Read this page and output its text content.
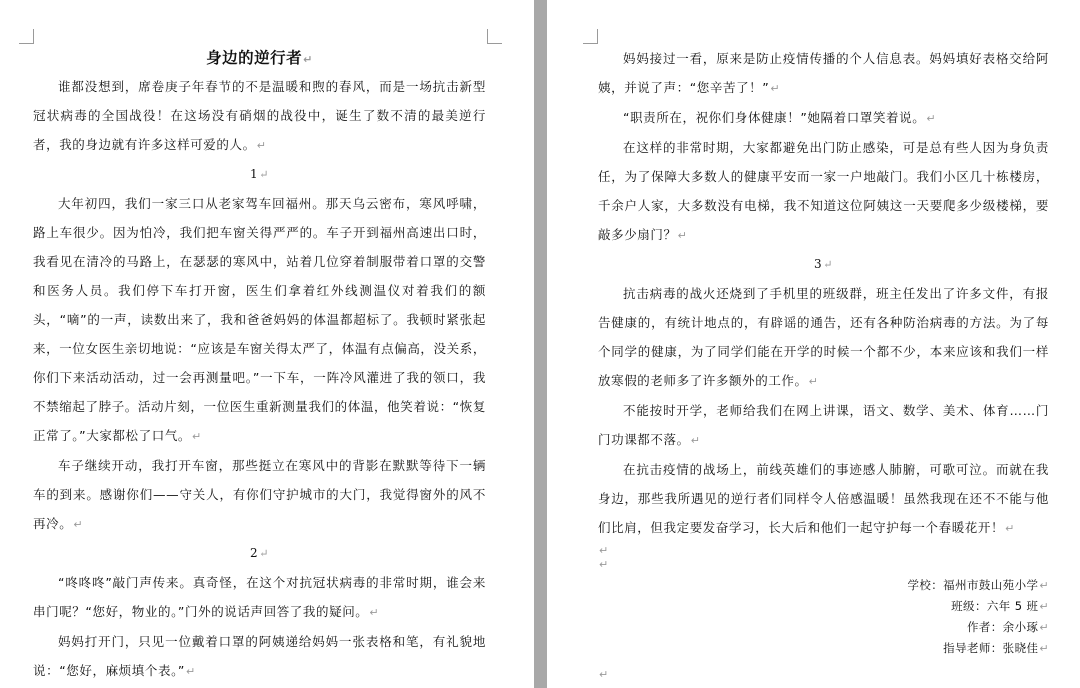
身边的逆行者 ↵

谁都没想到，席卷庚子年春节的不是温暖和煦的春风，而是一场抗击新型冠状病毒的全国战役！在这场没有硝烟的战役中，诞生了数不清的最美逆行者，我的身边就有许多这样可爱的人。 ↵

1 ↵

大年初四，我们一家三口从老家驾车回福州。那天乌云密布，寒风呼啸，路上车很少。因为怕冷，我们把车窗关得严严的。车子开到福州高速出口时，我看见在清冷的马路上，在瑟瑟的寒风中，站着几位穿着制服带着口罩的交警和医务人员。我们停下车打开窗，医生们拿着红外线测温仪对着我们的额头，“嘀”的一声，读数出来了，我和爸爸妈妈的体温都超标了。我顿时紧张起来，一位女医生亲切地说：“应该是车窗关得太严了，体温有点偏高，没关系，你们下来活动活动，过一会再测量吧。”一下车，一阵冷风灌进了我的领口，我不禁缩起了脖子。活动片刻，一位医生重新测量我们的体温，他笑着说：“恢复正常了。”大家都松了口气。 ↵

车子继续开动，我打开车窗，那些挺立在寒风中的背影在默默等待下一辆车的到来。感谢你们——守关人，有你们守护城市的大门，我觉得窗外的风不再冷。 ↵

2 ↵

“咚咚咚”敲门声传来。真奇怪，在这个对抗冠状病毒的非常时期，谁会来串门呢？“您好，物业的。”门外的说话声回答了我的疑问。 ↵

妈妈打开门，只见一位戴着口罩的阿姨递给妈妈一张表格和笔，有礼貌地说：“您好，麻烦填个表。” ↵

妈妈接过一看，原来是防止疫情传播的个人信息表。妈妈填好表格交给阿姨，并说了声：“您辛苦了！” ↵

“职责所在，祝你们身体健康！”她隔着口罩笑着说。 ↵

在这样的非常时期，大家都避免出门防止感染，可是总有些人因为身负责任，为了保障大多数人的健康平安而一家一户地敲门。我们小区几十栋楼房，千余户人家，大多数没有电梯，我不知道这位阿姨这一天要爬多少级楼梯，要敲多少扇门？ ↵

3 ↵

抗击病毒的战火还烧到了手机里的班级群，班主任发出了许多文件，有报告健康的，有统计地点的，有辟谣的通告，还有各种防治病毒的方法。为了每个同学的健康，为了同学们能在开学的时候一个都不少，本来应该和我们一样放寒假的老师多了许多额外的工作。 ↵

不能按时开学，老师给我们在网上讲课，语文、数学、美术、体育……门门功课都不落。 ↵

在抗击疫情的战场上，前线英雄们的事迹感人肺腑，可歌可泣。而就在我身边，那些我所遇见的逆行者们同样令人倍感温暖！虽然我现在还不不能与他们比肩，但我定要发奋学习，长大后和他们一起守护每一个春暖花开！ ↵

↵
↵
学校：福州市鼓山苑小学 ↵
班级：六年 5 班 ↵
作者：余小琢 ↵
指导老师：张晓佳 ↵
↵
